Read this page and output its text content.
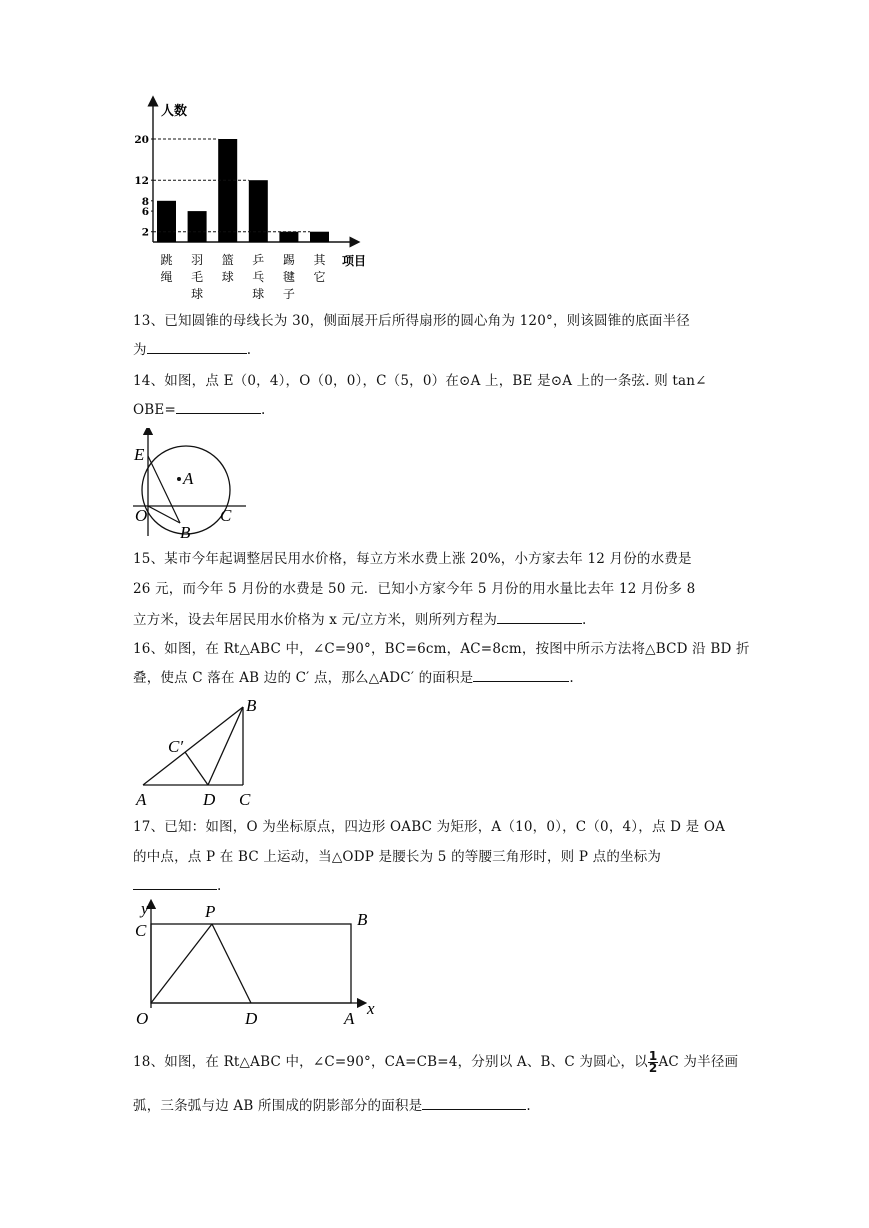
人数
项目
跳
绳
羽
毛
球
篮
球
乒
乓
球
踢
毽
子
其
它
2
6
8
12
20
13、已知圆锥的母线长为 30，侧面展开后所得扇形的圆心角为 120°，则该圆锥的底面半径
为	.
14、如图，点 E（0，4），O（0，0），C（5，0）在⊙A 上，BE 是⊙A 上的一条弦. 则 tan∠
OBE=	.
E
A
O
B
C
15、某市今年起调整居民用水价格，每立方米水费上涨 20%，小方家去年 12 月份的水费是
26 元，而今年 5 月份的水费是 50 元．已知小方家今年 5 月份的用水量比去年 12 月份多 8
立方米，设去年居民用水价格为 x 元/立方米，则所列方程为	.
16、如图，在 Rt△ABC 中，∠C=90°，BC=6cm，AC=8cm，按图中所示方法将△BCD 沿 BD 折
叠，使点 C 落在 AB 边的 C′ 点，那么△ADC′ 的面积是	.
A
B
C
D
C′
17、已知：如图，O 为坐标原点，四边形 OABC 为矩形，A（10，0），C（0，4），点 D 是 OA
的中点，点 P 在 BC 上运动，当△ODP 是腰长为 5 的等腰三角形时，则 P 点的坐标为
.
y
x
C
P	B
O	D	A
18、如图，在 Rt△ABC 中，∠C=90°，CA=CB=4，分别以 A、B、C 为圆心，以 $\frac{1}{2}$ AC 为半径画
弧，三条弧与边 AB 所围成的阴影部分的面积是	.
